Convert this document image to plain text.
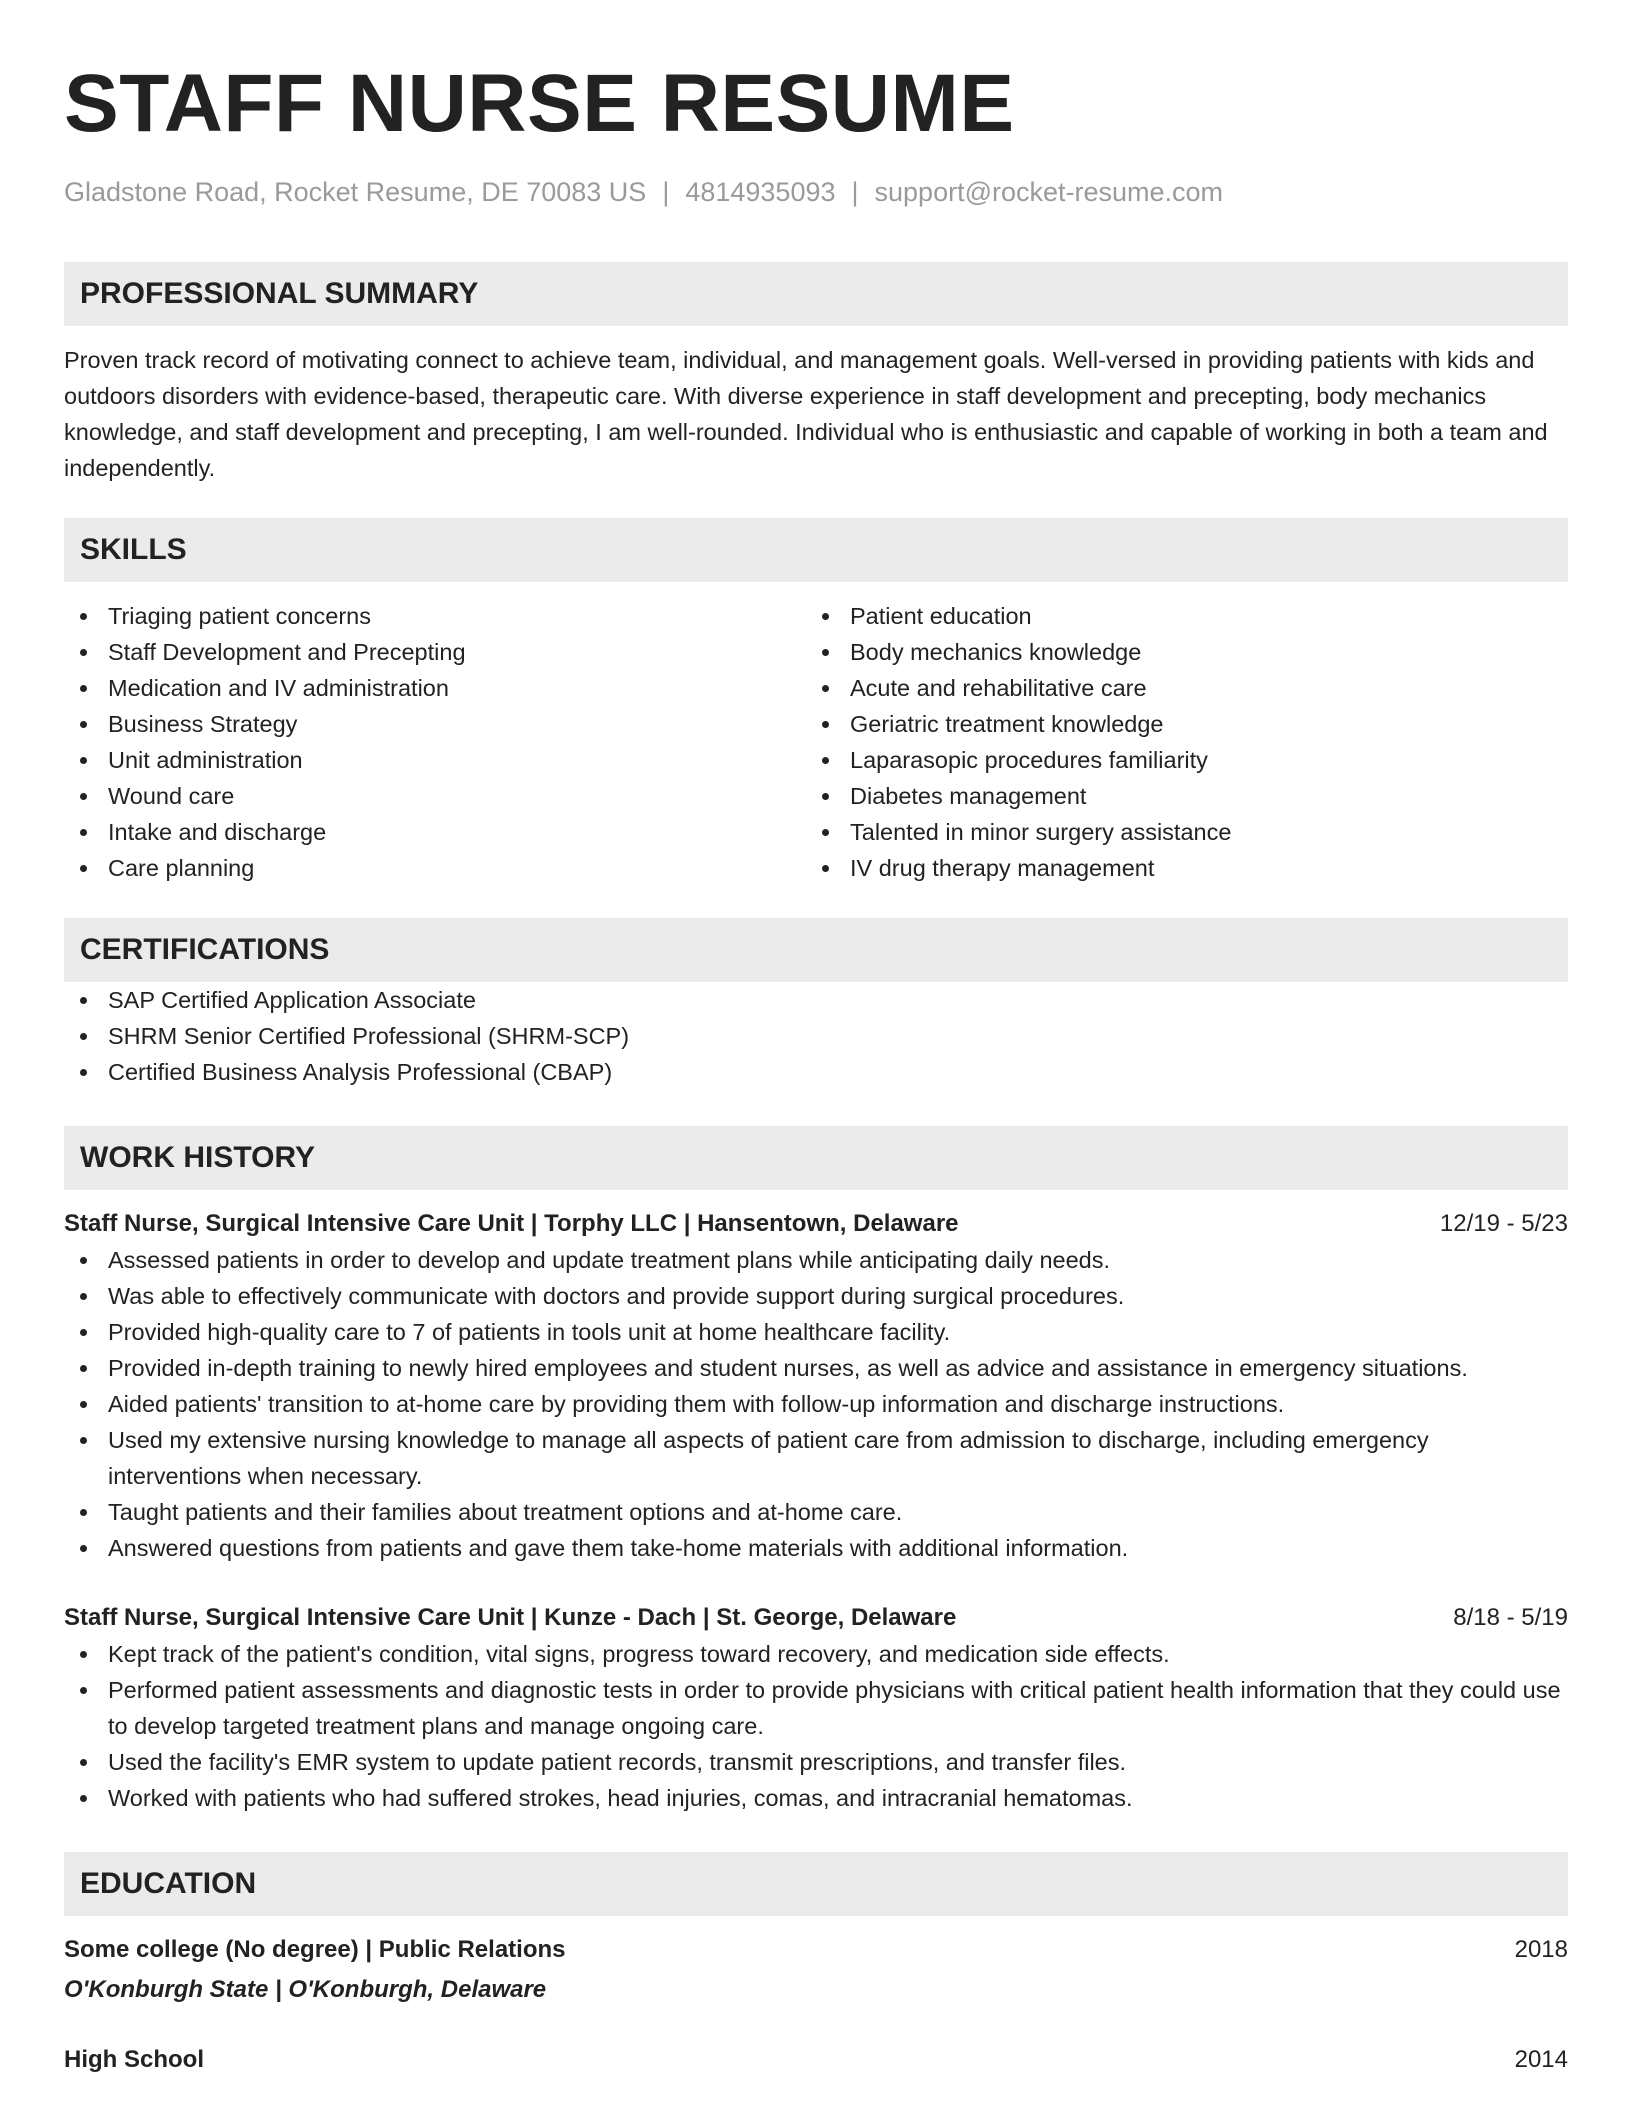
STAFF NURSE RESUME
Gladstone Road, Rocket Resume, DE 70083 US | 4814935093 | support@rocket-resume.com
PROFESSIONAL SUMMARY
Proven track record of motivating connect to achieve team, individual, and management goals. Well-versed in providing patients with kids and outdoors disorders with evidence-based, therapeutic care. With diverse experience in staff development and precepting, body mechanics knowledge, and staff development and precepting, I am well-rounded. Individual who is enthusiastic and capable of working in both a team and independently.
SKILLS
Triaging patient concerns
Staff Development and Precepting
Medication and IV administration
Business Strategy
Unit administration
Wound care
Intake and discharge
Care planning
Patient education
Body mechanics knowledge
Acute and rehabilitative care
Geriatric treatment knowledge
Laparasopic procedures familiarity
Diabetes management
Talented in minor surgery assistance
IV drug therapy management
CERTIFICATIONS
SAP Certified Application Associate
SHRM Senior Certified Professional (SHRM-SCP)
Certified Business Analysis Professional (CBAP)
WORK HISTORY
Staff Nurse, Surgical Intensive Care Unit | Torphy LLC | Hansentown, Delaware	12/19 - 5/23
Assessed patients in order to develop and update treatment plans while anticipating daily needs.
Was able to effectively communicate with doctors and provide support during surgical procedures.
Provided high-quality care to 7 of patients in tools unit at home healthcare facility.
Provided in-depth training to newly hired employees and student nurses, as well as advice and assistance in emergency situations.
Aided patients' transition to at-home care by providing them with follow-up information and discharge instructions.
Used my extensive nursing knowledge to manage all aspects of patient care from admission to discharge, including emergency interventions when necessary.
Taught patients and their families about treatment options and at-home care.
Answered questions from patients and gave them take-home materials with additional information.
Staff Nurse, Surgical Intensive Care Unit | Kunze - Dach | St. George, Delaware	8/18 - 5/19
Kept track of the patient's condition, vital signs, progress toward recovery, and medication side effects.
Performed patient assessments and diagnostic tests in order to provide physicians with critical patient health information that they could use to develop targeted treatment plans and manage ongoing care.
Used the facility's EMR system to update patient records, transmit prescriptions, and transfer files.
Worked with patients who had suffered strokes, head injuries, comas, and intracranial hematomas.
EDUCATION
Some college (No degree) | Public Relations	2018
O'Konburgh State | O'Konburgh, Delaware
High School	2014
